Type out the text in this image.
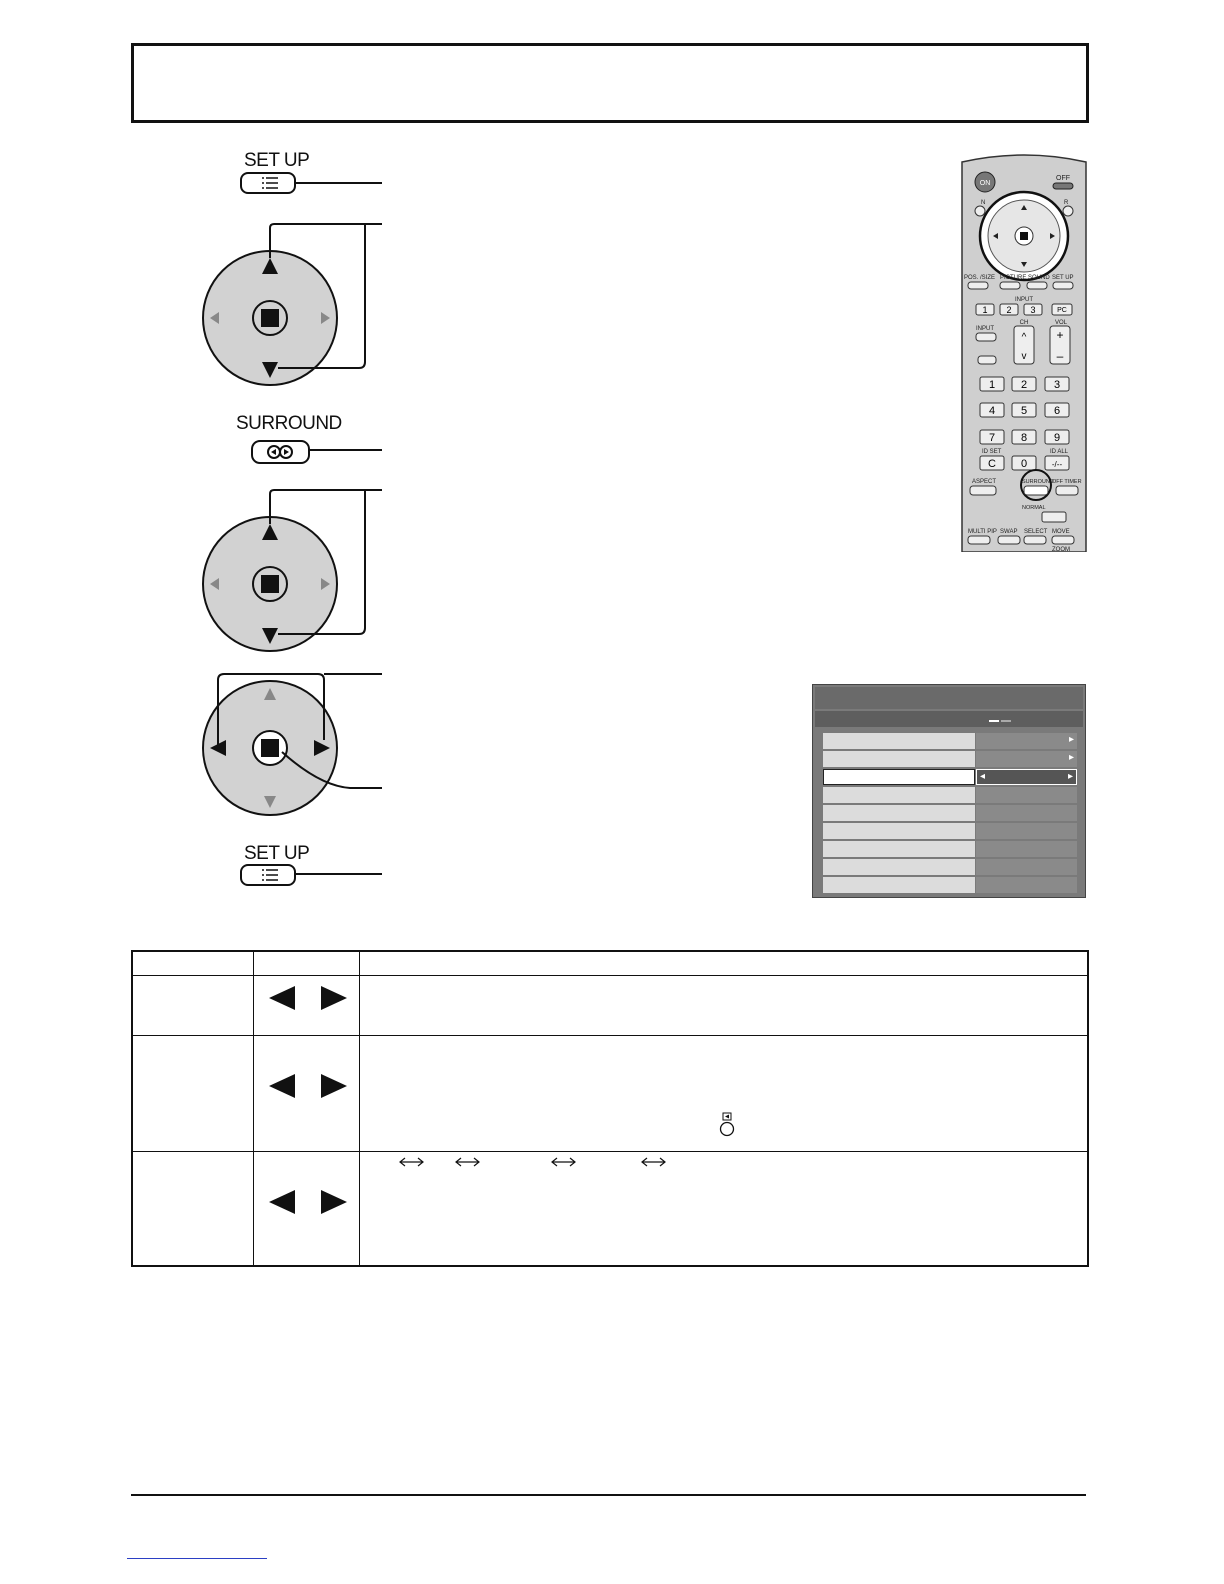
SET UP
SURROUND
SET UP
ON
OFF
N	R
POS. /SIZE PICTURE SOUND SET UP
INPUT
1 2 3	PC
INPUT
CH
^
v
VOL
+
–
1 2 3
4 5 6
7 8 9
ID SET	ID ALL
C 0	-/--
ASPECT	SURROUND
OFF TIMER
NORMAL
MULTI PIP SWAP SELECT MOVE
ZOOM
▸
▸
◂	▸
